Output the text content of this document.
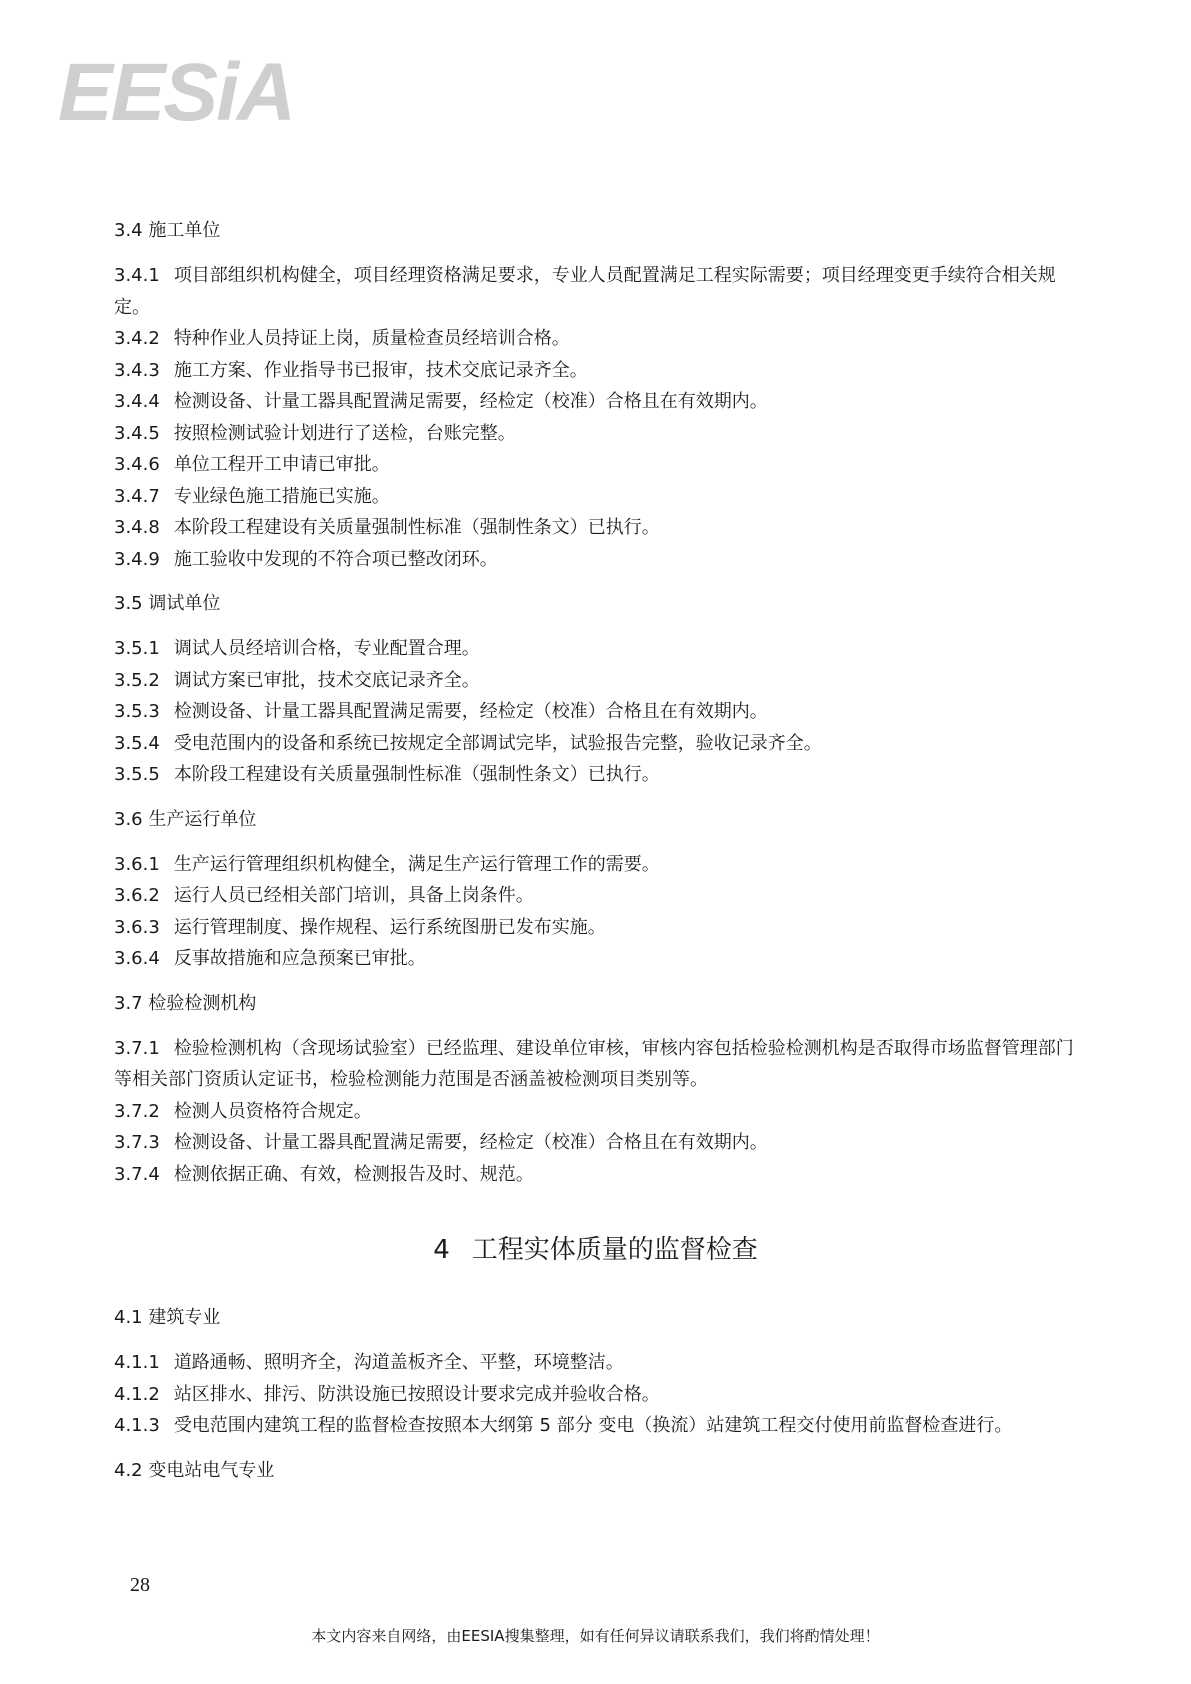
EESiA

3.4 施工单位

3.4.1 项目部组织机构健全，项目经理资格满足要求，专业人员配置满足工程实际需要；项目经理变更手续符合相关规定。

3.4.2 特种作业人员持证上岗，质量检查员经培训合格。

3.4.3 施工方案、作业指导书已报审，技术交底记录齐全。

3.4.4 检测设备、计量工器具配置满足需要，经检定（校准）合格且在有效期内。

3.4.5 按照检测试验计划进行了送检，台账完整。

3.4.6 单位工程开工申请已审批。

3.4.7 专业绿色施工措施已实施。

3.4.8 本阶段工程建设有关质量强制性标准（强制性条文）已执行。

3.4.9 施工验收中发现的不符合项已整改闭环。

3.5 调试单位

3.5.1 调试人员经培训合格，专业配置合理。

3.5.2 调试方案已审批，技术交底记录齐全。

3.5.3 检测设备、计量工器具配置满足需要，经检定（校准）合格且在有效期内。

3.5.4 受电范围内的设备和系统已按规定全部调试完毕，试验报告完整，验收记录齐全。

3.5.5 本阶段工程建设有关质量强制性标准（强制性条文）已执行。

3.6 生产运行单位

3.6.1 生产运行管理组织机构健全，满足生产运行管理工作的需要。

3.6.2 运行人员已经相关部门培训，具备上岗条件。

3.6.3 运行管理制度、操作规程、运行系统图册已发布实施。

3.6.4 反事故措施和应急预案已审批。

3.7 检验检测机构

3.7.1 检验检测机构（含现场试验室）已经监理、建设单位审核，审核内容包括检验检测机构是否取得市场监督管理部门等相关部门资质认定证书，检验检测能力范围是否涵盖被检测项目类别等。

3.7.2 检测人员资格符合规定。

3.7.3 检测设备、计量工器具配置满足需要，经检定（校准）合格且在有效期内。

3.7.4 检测依据正确、有效，检测报告及时、规范。

4 工程实体质量的监督检查

4.1 建筑专业

4.1.1 道路通畅、照明齐全，沟道盖板齐全、平整，环境整洁。

4.1.2 站区排水、排污、防洪设施已按照设计要求完成并验收合格。

4.1.3 受电范围内建筑工程的监督检查按照本大纲第 5 部分 变电（换流）站建筑工程交付使用前监督检查进行。

4.2 变电站电气专业

28
本文内容来自网络，由EESIA搜集整理，如有任何异议请联系我们，我们将酌情处理！
